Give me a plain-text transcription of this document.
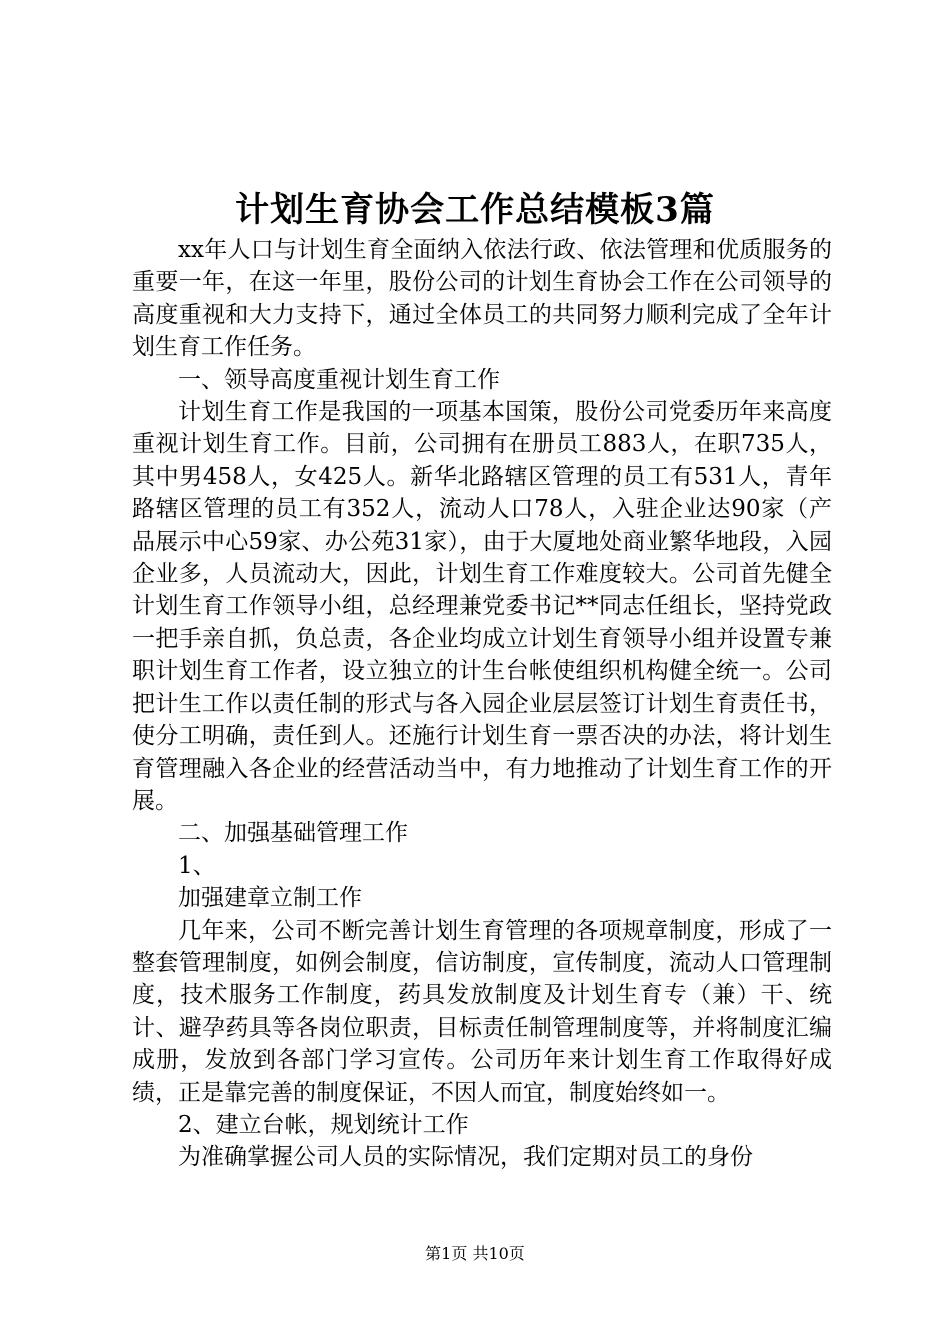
计划生育协会工作总结模板3篇

xx年人口与计划生育全面纳入依法行政、依法管理和优质服务的重要一年，在这一年里，股份公司的计划生育协会工作在公司领导的高度重视和大力支持下，通过全体员工的共同努力顺利完成了全年计划生育工作任务。

一、领导高度重视计划生育工作

计划生育工作是我国的一项基本国策，股份公司党委历年来高度重视计划生育工作。目前，公司拥有在册员工883人，在职735人，其中男458人，女425人。新华北路辖区管理的员工有531人，青年路辖区管理的员工有352人，流动人口78人，入驻企业达90家（产品展示中心59家、办公苑31家），由于大厦地处商业繁华地段，入园企业多，人员流动大，因此，计划生育工作难度较大。公司首先健全计划生育工作领导小组，总经理兼党委书记**同志任组长，坚持党政一把手亲自抓，负总责，各企业均成立计划生育领导小组并设置专兼职计划生育工作者，设立独立的计生台帐使组织机构健全统一。公司把计生工作以责任制的形式与各入园企业层层签订计划生育责任书，使分工明确，责任到人。还施行计划生育一票否决的办法，将计划生育管理融入各企业的经营活动当中，有力地推动了计划生育工作的开展。

二、加强基础管理工作

1、

加强建章立制工作

几年来，公司不断完善计划生育管理的各项规章制度，形成了一整套管理制度，如例会制度，信访制度，宣传制度，流动人口管理制度，技术服务工作制度，药具发放制度及计划生育专（兼）干、统计、避孕药具等各岗位职责，目标责任制管理制度等，并将制度汇编成册，发放到各部门学习宣传。公司历年来计划生育工作取得好成绩，正是靠完善的制度保证，不因人而宜，制度始终如一。

2、建立台帐，规划统计工作

为准确掌握公司人员的实际情况，我们定期对员工的身份

第1页 共10页
